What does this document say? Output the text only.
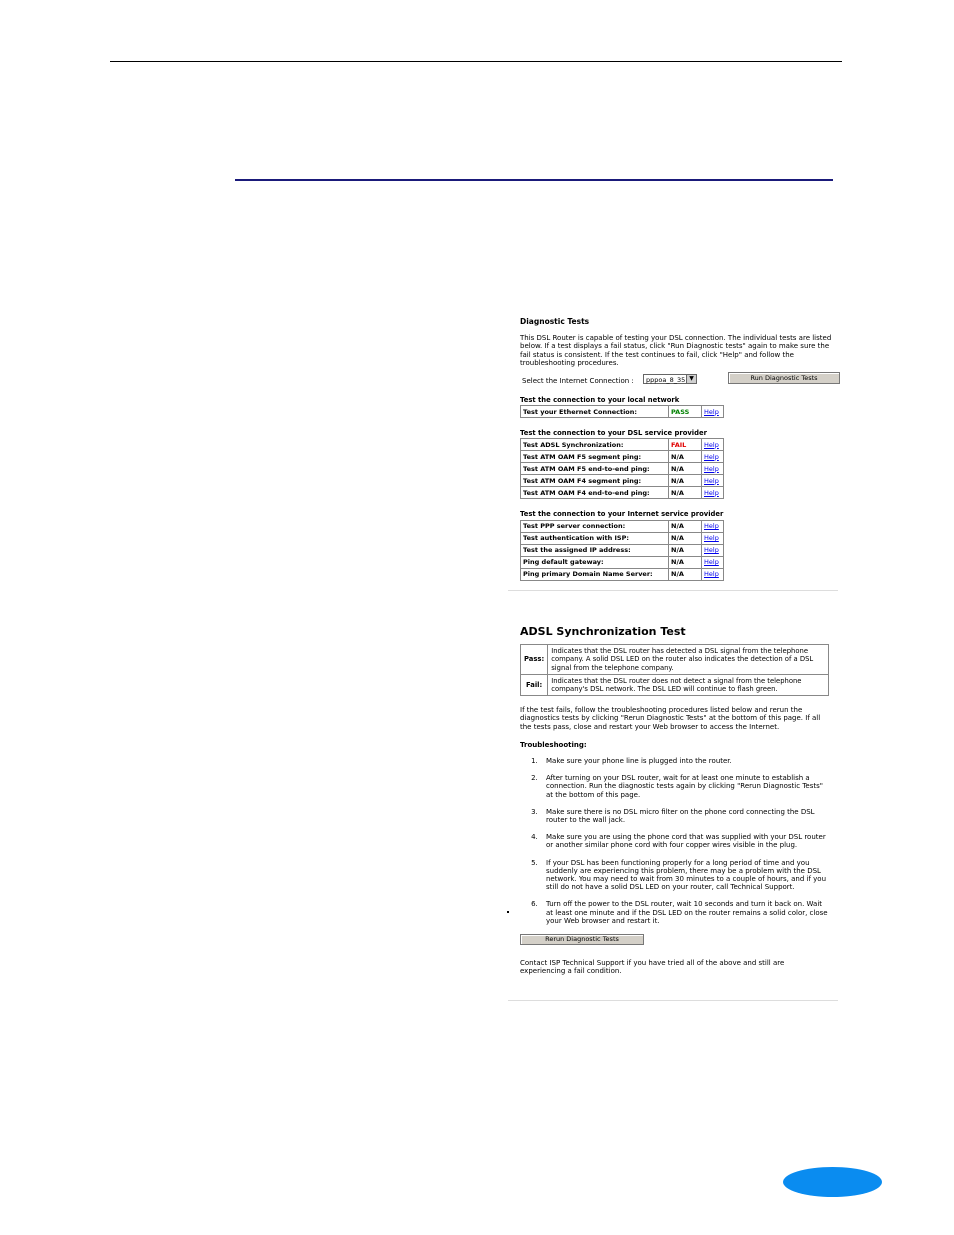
Diagnostic Tests
This DSL Router is capable of testing your DSL connection. The individual tests are listed below. If a test displays a fail status, click "Run Diagnostic tests" again to make sure the fail status is consistent. If the test continues to fail, click "Help" and follow the troubleshooting procedures.
Select the Internet Connection :	pppoa_8_35 ▼	Run Diagnostic Tests
Test the connection to your local network
Test your Ethernet Connection:	PASS	Help
Test the connection to your DSL service provider
Test ADSL Synchronization:	FAIL	Help
Test ATM OAM F5 segment ping:	N/A	Help
Test ATM OAM F5 end-to-end ping:	N/A	Help
Test ATM OAM F4 segment ping:	N/A	Help
Test ATM OAM F4 end-to-end ping:	N/A	Help
Test the connection to your Internet service provider
Test PPP server connection:	N/A	Help
Test authentication with ISP:	N/A	Help
Test the assigned IP address:	N/A	Help
Ping default gateway:	N/A	Help
Ping primary Domain Name Server:	N/A	Help
ADSL Synchronization Test
Pass:	Indicates that the DSL router has detected a DSL signal from the telephone company. A solid DSL LED on the router also indicates the detection of a DSL signal from the telephone company.
Fail:	Indicates that the DSL router does not detect a signal from the telephone company's DSL network. The DSL LED will continue to flash green.
If the test fails, follow the troubleshooting procedures listed below and rerun the diagnostics tests by clicking "Rerun Diagnostic Tests" at the bottom of this page. If all the tests pass, close and restart your Web browser to access the Internet.
Troubleshooting:
1. Make sure your phone line is plugged into the router.
2. After turning on your DSL router, wait for at least one minute to establish a connection. Run the diagnostic tests again by clicking "Rerun Diagnostic Tests" at the bottom of this page.
3. Make sure there is no DSL micro filter on the phone cord connecting the DSL router to the wall jack.
4. Make sure you are using the phone cord that was supplied with your DSL router or another similar phone cord with four copper wires visible in the plug.
5. If your DSL has been functioning properly for a long period of time and you suddenly are experiencing this problem, there may be a problem with the DSL network. You may need to wait from 30 minutes to a couple of hours, and if you still do not have a solid DSL LED on your router, call Technical Support.
6. Turn off the power to the DSL router, wait 10 seconds and turn it back on. Wait at least one minute and if the DSL LED on the router remains a solid color, close your Web browser and restart it.
Rerun Diagnostic Tests
Contact ISP Technical Support if you have tried all of the above and still are experiencing a fail condition.
